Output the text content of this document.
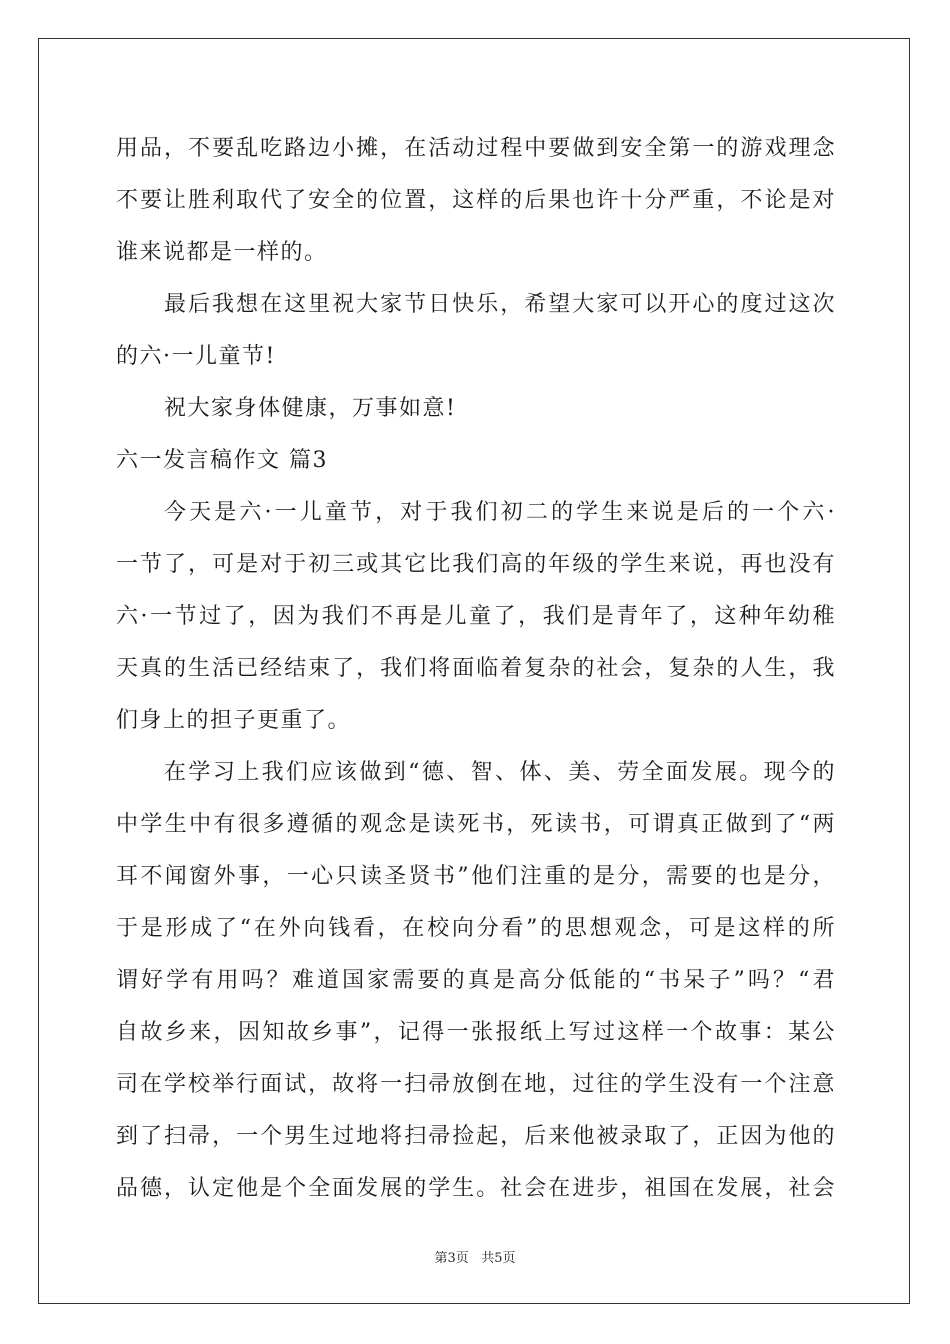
用品，不要乱吃路边小摊，在活动过程中要做到安全第一的游戏理念
不要让胜利取代了安全的位置，这样的后果也许十分严重，不论是对
谁来说都是一样的。
最后我想在这里祝大家节日快乐，希望大家可以开心的度过这次
的六·一儿童节!
祝大家身体健康，万事如意!
六一发言稿作文 篇3
今天是六·一儿童节，对于我们初二的学生来说是后的一个六·
一节了，可是对于初三或其它比我们高的年级的学生来说，再也没有
六·一节过了，因为我们不再是儿童了，我们是青年了，这种年幼稚
天真的生活已经结束了，我们将面临着复杂的社会，复杂的人生，我
们身上的担子更重了。
在学习上我们应该做到“德、智、体、美、劳全面发展。现今的
中学生中有很多遵循的观念是读死书，死读书，可谓真正做到了“两
耳不闻窗外事，一心只读圣贤书”他们注重的是分，需要的也是分，
于是形成了“在外向钱看，在校向分看”的思想观念，可是这样的所
谓好学有用吗？难道国家需要的真是高分低能的“书呆子”吗？“君
自故乡来，因知故乡事”，记得一张报纸上写过这样一个故事：某公
司在学校举行面试，故将一扫帚放倒在地，过往的学生没有一个注意
到了扫帚，一个男生过地将扫帚捡起，后来他被录取了，正因为他的
品德，认定他是个全面发展的学生。社会在进步，祖国在发展，社会
第3页 共5页
